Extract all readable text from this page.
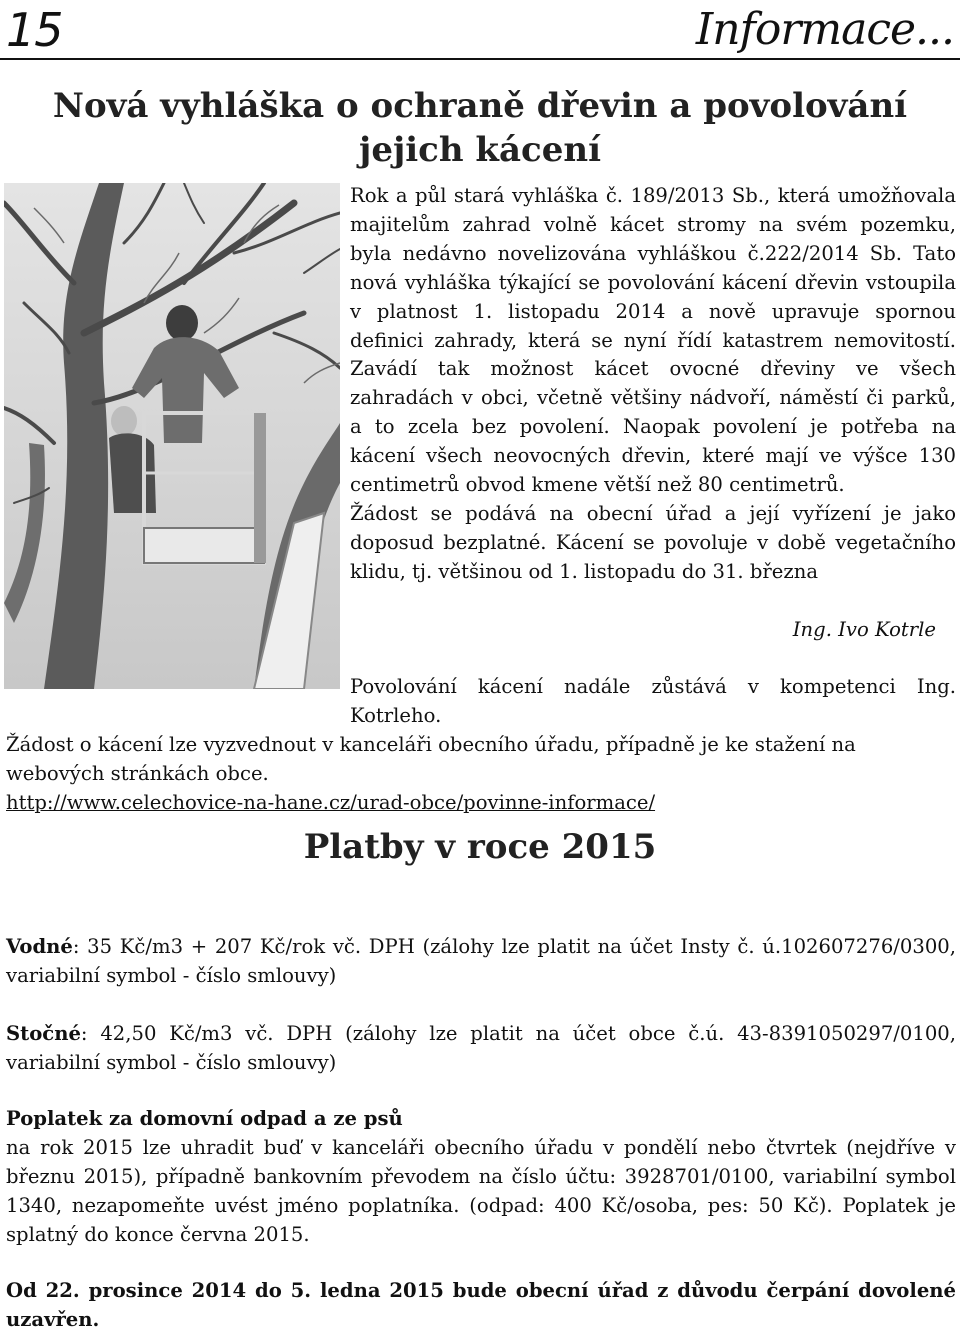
15	Informace...
Nová vyhláška o ochraně dřevin a povolování
jejich kácení
Rok a půl stará vyhláška č. 189/2013 Sb., která umožňovala majitelům zahrad volně kácet stromy na svém pozemku, byla nedávno novelizována vyhláškou č.222/2014 Sb. Tato nová vyhláška týkající se povolování kácení dřevin vstoupila v platnost 1. listopadu 2014 a nově upravuje spornou definici zahrady, která se nyní řídí katastrem nemovitostí. Zavádí tak možnost kácet ovocné dřeviny ve všech zahradách v obci, včetně většiny nádvoří, náměstí či parků, a to zcela bez povolení. Naopak povolení je potřeba na kácení všech neovocných dřevin, které mají ve výšce 130 centimetrů obvod kmene větší než 80 centimetrů.
Žádost se podává na obecní úřad a její vyřízení je jako doposud bezplatné. Kácení se povoluje v době vegetačního klidu, tj. většinou od 1. listopadu do 31. března
Ing. Ivo Kotrle

Povolování kácení nadále zůstává v kompetenci Ing. Kotrleho.

Žádost o kácení lze vyzvednout v kanceláři obecního úřadu, případně je ke stažení na webových stránkách obce.
http://www.celechovice-na-hane.cz/urad-obce/povinne-informace/

Platby v roce 2015

Vodné: 35 Kč/m3 + 207 Kč/rok vč. DPH (zálohy lze platit na účet Insty č. ú.102607276/0300, variabilní symbol - číslo smlouvy)

Stočné: 42,50 Kč/m3 vč. DPH (zálohy lze platit na účet obce č.ú. 43-8391050297/0100, variabilní symbol - číslo smlouvy)

Poplatek za domovní odpad a ze psů
na rok 2015 lze uhradit buď v kanceláři obecního úřadu v pondělí nebo čtvrtek (nejdříve v březnu 2015), případně bankovním převodem na číslo účtu: 3928701/0100, variabilní symbol 1340, nezapomeňte uvést jméno poplatníka. (odpad: 400 Kč/osoba, pes: 50 Kč). Poplatek je splatný do konce června 2015.

Od 22. prosince 2014 do 5. ledna 2015 bude obecní úřad z důvodu čerpání dovolené uzavřen.
